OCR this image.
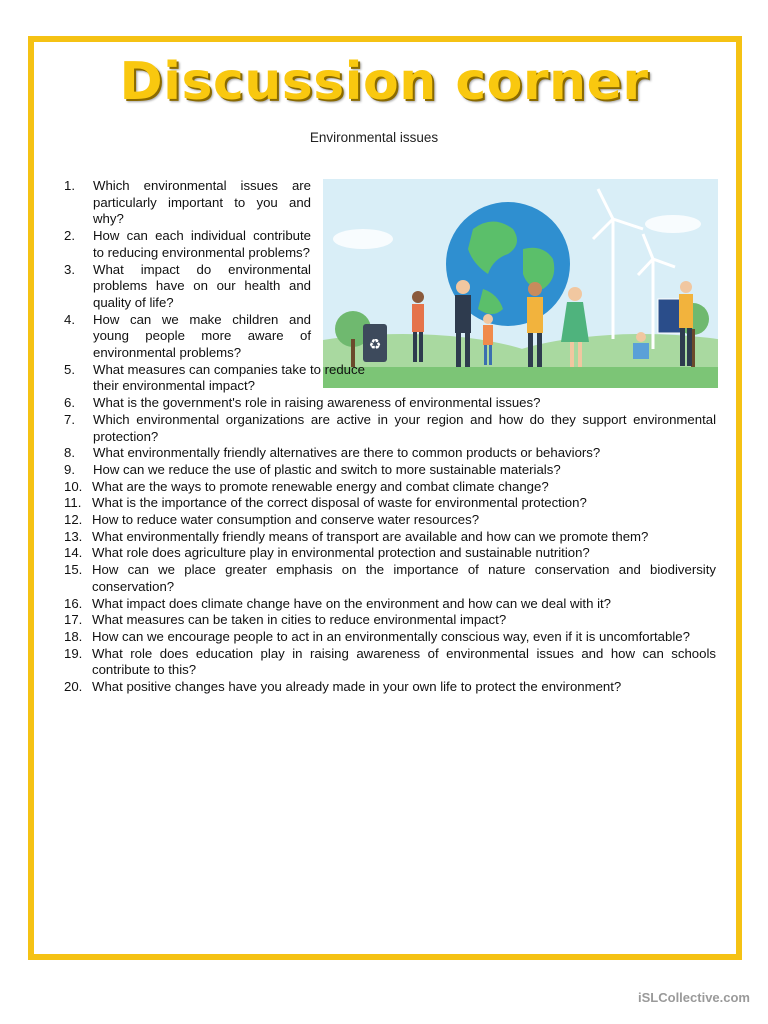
Discussion corner
Environmental issues
♻
1.	Which environmental issues are particularly important to you and why?
2.	How can each individual contribute to reducing environmental problems?
3.	What impact do environmental problems have on our health and quality of life?
4.	How can we make children and young people more aware of environmental problems?
5.	What measures can companies take to reduce their environmental impact?
6.	What is the government's role in raising awareness of environmental issues?
7.	Which environmental organizations are active in your region and how do they support environmental protection?
8.	What environmentally friendly alternatives are there to common products or behaviors?
9.	How can we reduce the use of plastic and switch to more sustainable materials?
10. What are the ways to promote renewable energy and combat climate change?
11. What is the importance of the correct disposal of waste for environmental protection?
12. How to reduce water consumption and conserve water resources?
13. What environmentally friendly means of transport are available and how can we promote them?
14. What role does agriculture play in environmental protection and sustainable nutrition?
15. How can we place greater emphasis on the importance of nature conservation and biodiversity conservation?
16. What impact does climate change have on the environment and how can we deal with it?
17. What measures can be taken in cities to reduce environmental impact?
18. How can we encourage people to act in an environmentally conscious way, even if it is uncomfortable?
19. What role does education play in raising awareness of environmental issues and how can schools contribute to this?
20. What positive changes have you already made in your own life to protect the environment?
iSLCollective.com
